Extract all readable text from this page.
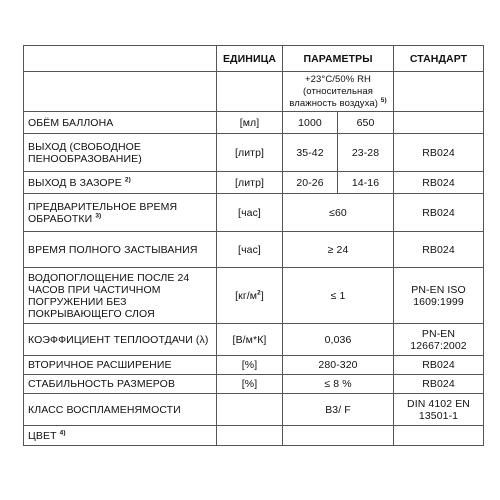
	ЕДИНИЦА	ПАРАМЕТРЫ		СТАНДАРТ

		+23°C/50% RH
(относительная
влажность воздуха) $^{5)}$

ОБЁМ БАЛЛОНА	[мл]	1000	650	
ВЫХОД (СВОБОДНОЕ ПЕНООБРАЗОВАНИЕ)	[литр]	35-42	23-28	RB024
ВЫХОД В ЗАЗОРЕ $^{2)}$	[литр]	20-26	14-16	RB024
ПРЕДВАРИТЕЛЬНОЕ ВРЕМЯ ОБРАБОТКИ $^{3)}$	[час]	≤60		RB024
ВРЕМЯ ПОЛНОГО ЗАСТЫВАНИЯ	[час]	≥ 24		RB024
ВОДОПОГЛОЩЕНИЕ ПОСЛЕ 24 ЧАСОВ ПРИ ЧАСТИЧНОМ ПОГРУЖЕНИИ БЕЗ ПОКРЫВАЮЩЕГО СЛОЯ	$[кг/м^2]$	≤ 1		PN-EN ISO 1609:1999
КОЭФФИЦИЕНТ ТЕПЛООТДАЧИ (λ)	[В/м*К]	0,036		PN-EN 12667:2002
ВТОРИЧНОЕ РАСШИРЕНИЕ	[%]	280-320		RB024
СТАБИЛЬНОСТЬ РАЗМЕРОВ	[%]	≤ 8 %		RB024
КЛАСС ВОСПЛАМЕНЯМОСТИ		B3/ F		DIN 4102 EN 13501-1
ЦВЕТ $^{4)}$			
